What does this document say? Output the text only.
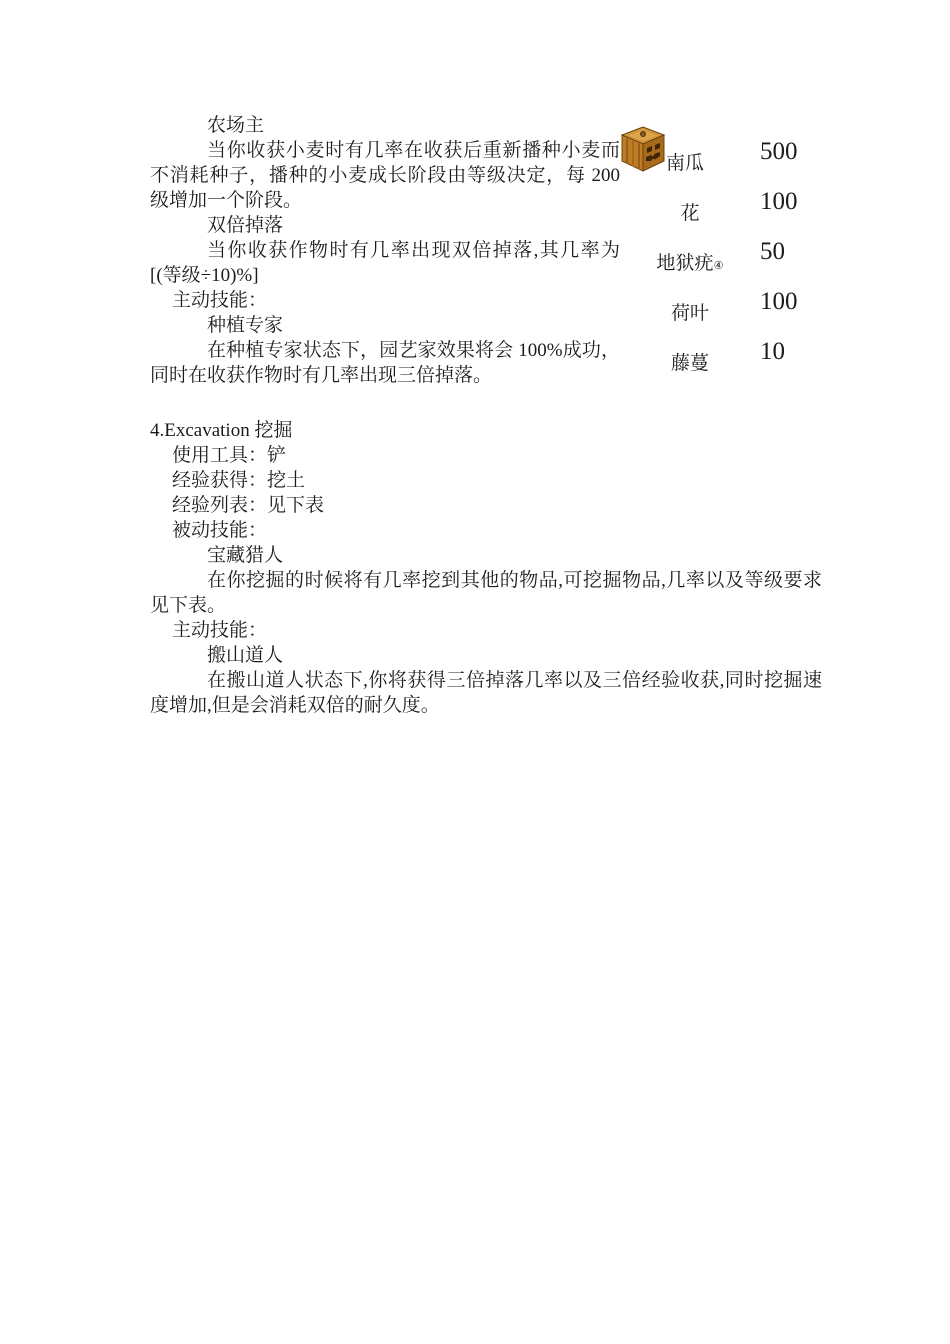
农场主
当你收获小麦时有几率在收获后重新播种小麦而不消耗种子，播种的小麦成长阶段由等级决定，每 200 级增加一个阶段。
双倍掉落
当你收获作物时有几率出现双倍掉落,其几率为[(等级÷10)%]
主动技能：
种植专家
在种植专家状态下，园艺家效果将会 100%成功，同时在收获作物时有几率出现三倍掉落。
南瓜 500
花 100
地狱疣 ④
50
荷叶 100
藤蔓 10
4.Excavation 挖掘
使用工具：铲
经验获得：挖土
经验列表：见下表
被动技能：
宝藏猎人
在你挖掘的时候将有几率挖到其他的物品,可挖掘物品,几率以及等级要求见下表。
主动技能：
搬山道人
在搬山道人状态下,你将获得三倍掉落几率以及三倍经验收获,同时挖掘速度增加,但是会消耗双倍的耐久度。
